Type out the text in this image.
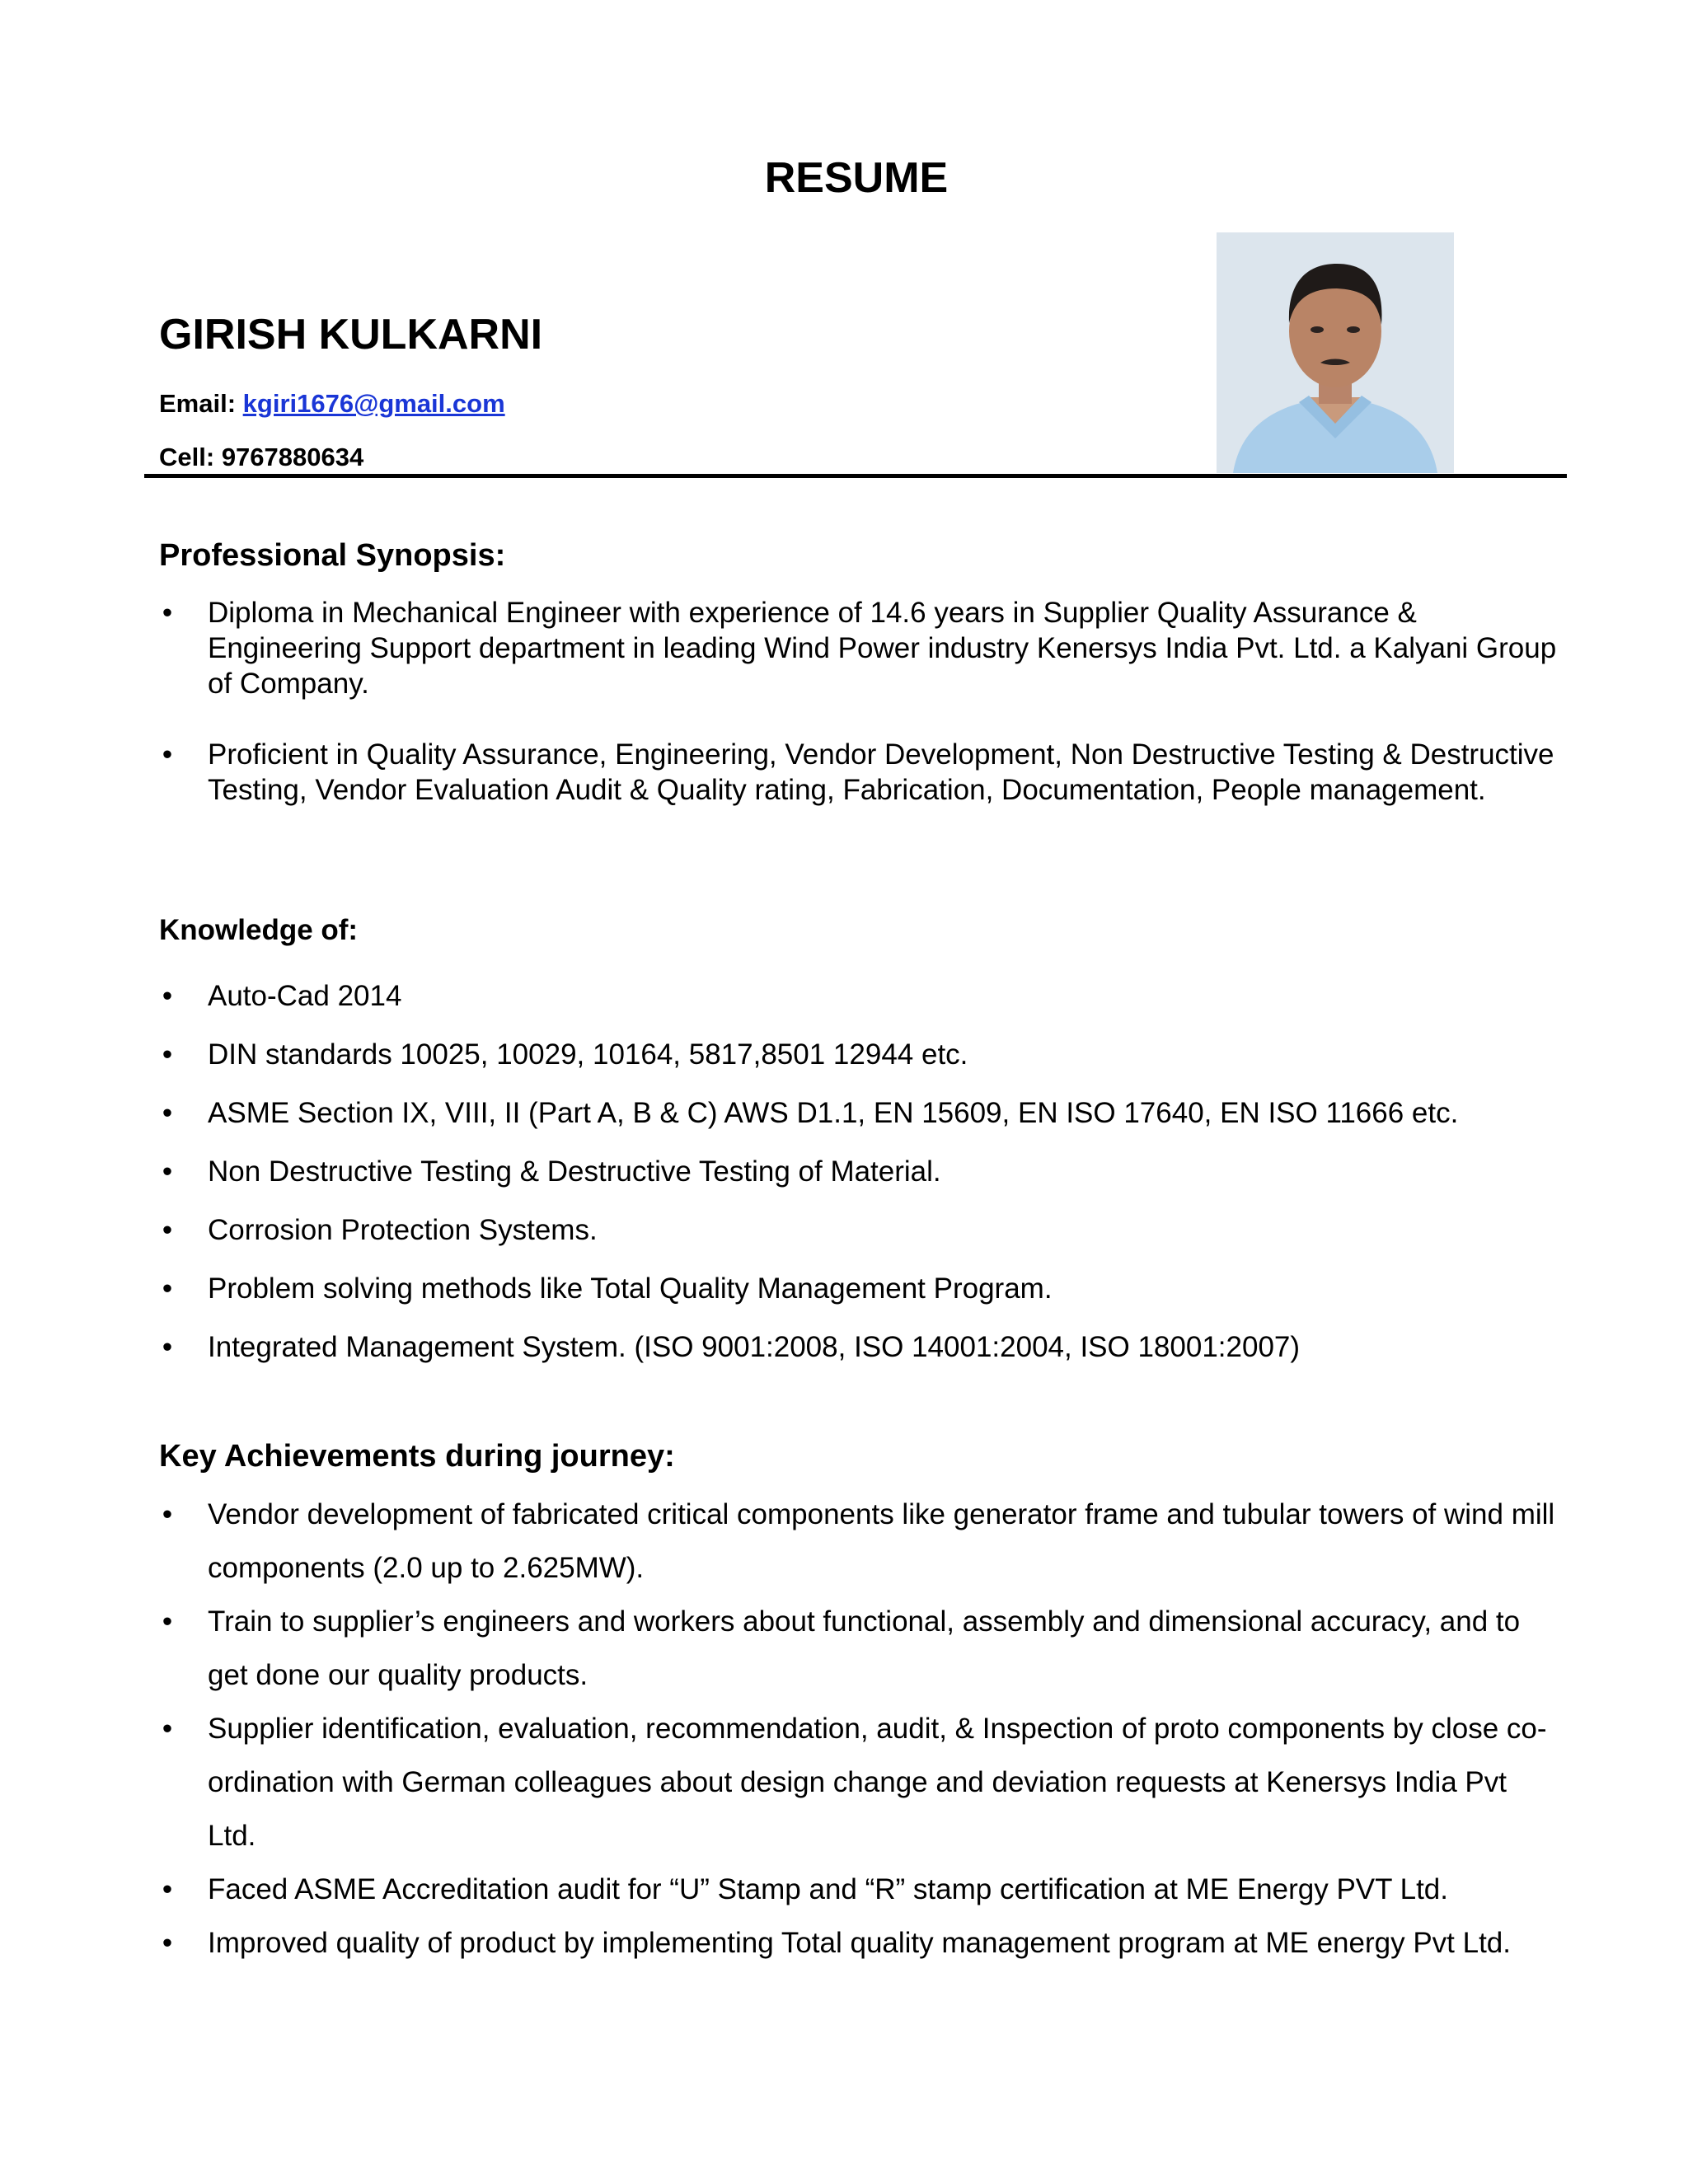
RESUME
GIRISH KULKARNI
Email: kgiri1676@gmail.com
Cell: 9767880634
Professional Synopsis:
• Diploma in Mechanical Engineer with experience of 14.6 years in Supplier Quality Assurance & Engineering Support department in leading Wind Power industry Kenersys India Pvt. Ltd. a Kalyani Group of Company.
• Proficient in Quality Assurance, Engineering, Vendor Development, Non Destructive Testing & Destructive Testing, Vendor Evaluation Audit & Quality rating, Fabrication, Documentation, People management.
Knowledge of:
• Auto-Cad 2014
• DIN standards 10025, 10029, 10164, 5817,8501 12944 etc.
• ASME Section IX, VIII, II (Part A, B & C) AWS D1.1, EN 15609, EN ISO 17640, EN ISO 11666 etc.
• Non Destructive Testing & Destructive Testing of Material.
• Corrosion Protection Systems.
• Problem solving methods like Total Quality Management Program.
• Integrated Management System. (ISO 9001:2008, ISO 14001:2004, ISO 18001:2007)
Key Achievements during journey:
• Vendor development of fabricated critical components like generator frame and tubular towers of wind mill components (2.0 up to 2.625MW).
• Train to supplier’s engineers and workers about functional, assembly and dimensional accuracy, and to get done our quality products.
• Supplier identification, evaluation, recommendation, audit, & Inspection of proto components by close co-ordination with German colleagues about design change and deviation requests at Kenersys India Pvt Ltd.
• Faced ASME Accreditation audit for “U” Stamp and “R” stamp certification at ME Energy PVT Ltd.
• Improved quality of product by implementing Total quality management program at ME energy Pvt Ltd.
